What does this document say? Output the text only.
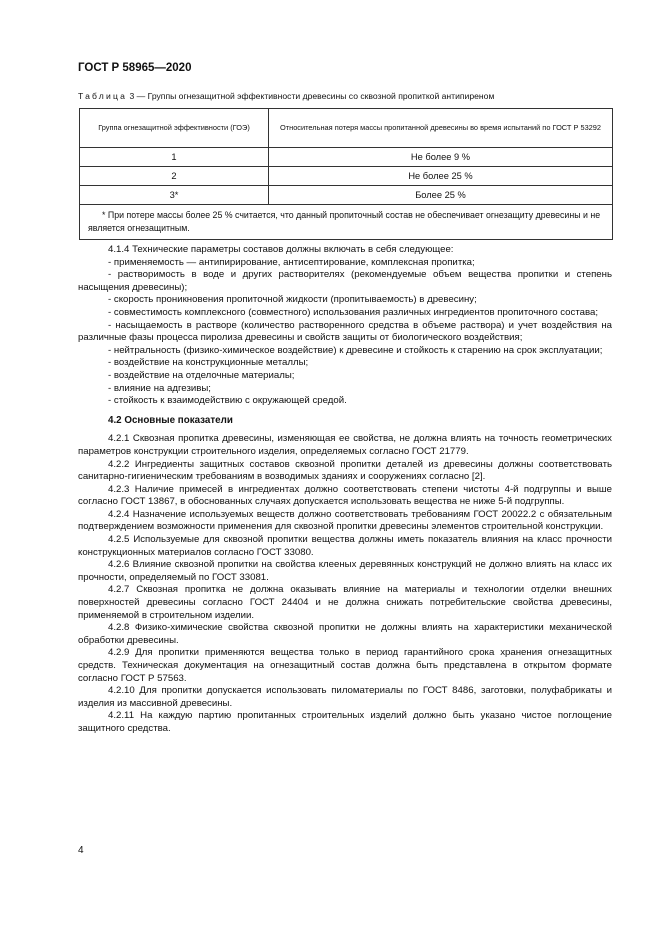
ГОСТ Р 58965—2020
Таблица 3 — Группы огнезащитной эффективности древесины со сквозной пропиткой антипиреном
Группа огнезащитной эффективности (ГОЭ)	Относительная потеря массы пропитанной древесины во время испытаний по ГОСТ Р 53292
1	Не более 9 %
2	Не более 25 %
3*	Более 25 %
* При потере массы более 25 % считается, что данный пропиточный состав не обеспечивает огнезащиту древесины и не является огнезащитным.	

4.1.4 Технические параметры составов должны включать в себя следующее:

- применяемость — антипирирование, антисептирование, комплексная пропитка;

- растворимость в воде и других растворителях (рекомендуемые объем вещества пропитки и степень насыщения древесины);

- скорость проникновения пропиточной жидкости (пропитываемость) в древесину;

- совместимость комплексного (совместного) использования различных ингредиентов пропиточного состава;

- насыщаемость в растворе (количество растворенного средства в объеме раствора) и учет воздействия на различные фазы процесса пиролиза древесины и свойств защиты от биологического воздействия;

- нейтральность (физико-химическое воздействие) к древесине и стойкость к старению на срок эксплуатации;

- воздействие на конструкционные металлы;

- воздействие на отделочные материалы;

- влияние на адгезивы;

- стойкость к взаимодействию с окружающей средой.

4.2 Основные показатели

4.2.1 Сквозная пропитка древесины, изменяющая ее свойства, не должна влиять на точность геометрических параметров конструкции строительного изделия, определяемых согласно ГОСТ 21779.

4.2.2 Ингредиенты защитных составов сквозной пропитки деталей из древесины должны соответствовать санитарно-гигиеническим требованиям в возводимых зданиях и сооружениях согласно [2].

4.2.3 Наличие примесей в ингредиентах должно соответствовать степени чистоты 4-й подгруппы и выше согласно ГОСТ 13867, в обоснованных случаях допускается использовать вещества не ниже 5-й подгруппы.

4.2.4 Назначение используемых веществ должно соответствовать требованиям ГОСТ 20022.2 с обязательным подтверждением возможности применения для сквозной пропитки древесины элементов строительной конструкции.

4.2.5 Используемые для сквозной пропитки вещества должны иметь показатель влияния на класс прочности конструкционных материалов согласно ГОСТ 33080.

4.2.6 Влияние сквозной пропитки на свойства клееных деревянных конструкций не должно влиять на класс их прочности, определяемый по ГОСТ 33081.

4.2.7 Сквозная пропитка не должна оказывать влияние на материалы и технологии отделки внешних поверхностей древесины согласно ГОСТ 24404 и не должна снижать потребительские свойства древесины, применяемой в строительном изделии.

4.2.8 Физико-химические свойства сквозной пропитки не должны влиять на характеристики механической обработки древесины.

4.2.9 Для пропитки применяются вещества только в период гарантийного срока хранения огнезащитных средств. Техническая документация на огнезащитный состав должна быть представлена в открытом формате согласно ГОСТ Р 57563.

4.2.10 Для пропитки допускается использовать пиломатериалы по ГОСТ 8486, заготовки, полуфабрикаты и изделия из массивной древесины.

4.2.11 На каждую партию пропитанных строительных изделий должно быть указано чистое поглощение защитного средства.

4
